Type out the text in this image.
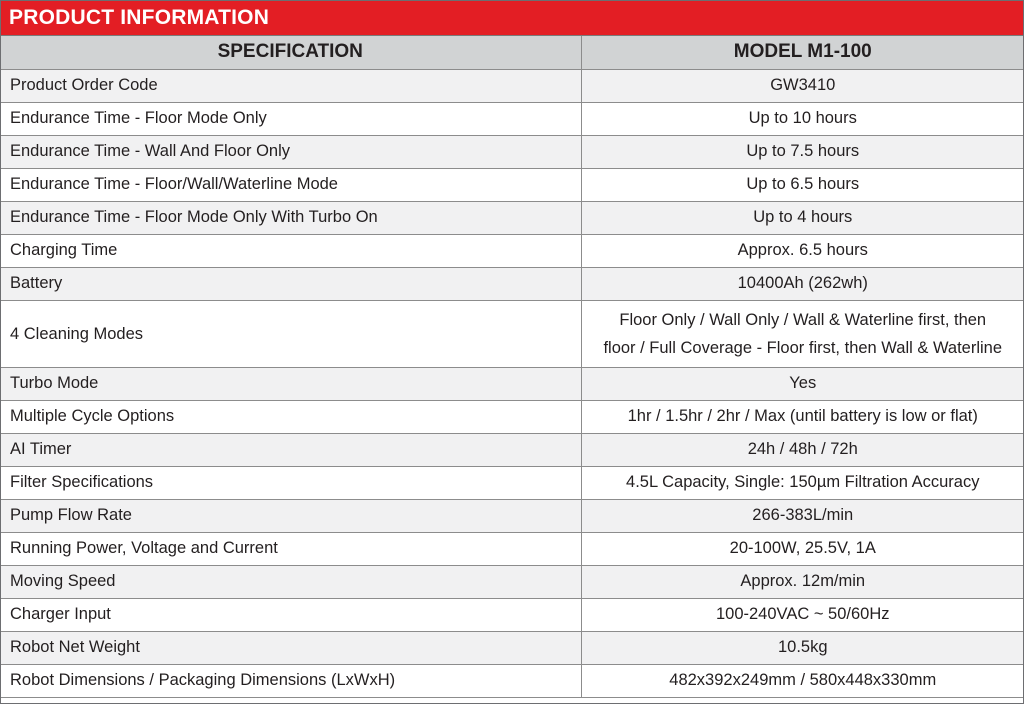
PRODUCT INFORMATION
SPECIFICATION	MODEL M1-100
Product Order Code	GW3410
Endurance Time - Floor Mode Only	Up to 10 hours
Endurance Time - Wall And Floor Only	Up to 7.5 hours
Endurance Time - Floor/Wall/Waterline Mode	Up to 6.5 hours
Endurance Time - Floor Mode Only With Turbo On	Up to 4 hours
Charging Time	Approx. 6.5 hours
Battery	10400Ah (262wh)
4 Cleaning Modes	Floor Only / Wall Only / Wall & Waterline first, then
floor / Full Coverage - Floor first, then Wall & Waterline

Turbo Mode	Yes
Multiple Cycle Options	1hr / 1.5hr / 2hr / Max (until battery is low or flat)
AI Timer	24h / 48h / 72h
Filter Specifications	4.5L Capacity, Single: 150µm Filtration Accuracy
Pump Flow Rate	266-383L/min
Running Power, Voltage and Current	20-100W, 25.5V, 1A
Moving Speed	Approx. 12m/min
Charger Input	100-240VAC ~ 50/60Hz
Robot Net Weight	10.5kg
Robot Dimensions / Packaging Dimensions (LxWxH)	482x392x249mm / 580x448x330mm
